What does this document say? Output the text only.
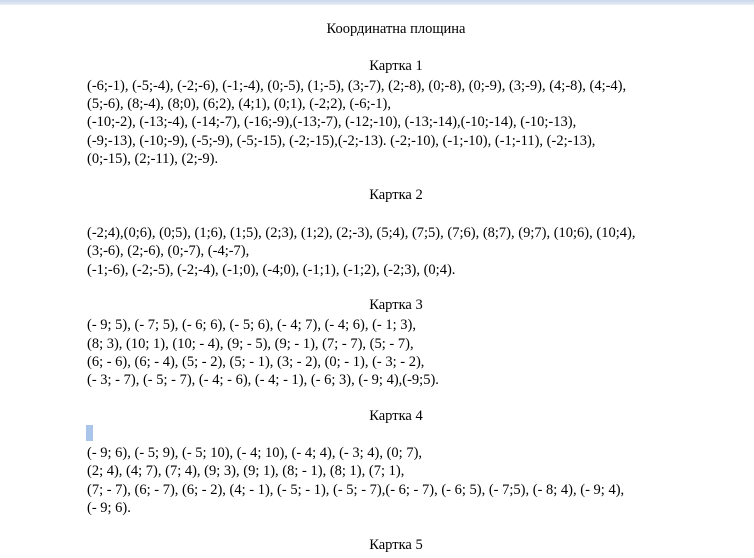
Координатна площина
Картка 1
(-6;-1), (-5;-4), (-2;-6), (-1;-4), (0;-5), (1;-5), (3;-7), (2;-8), (0;-8), (0;-9), (3;-9), (4;-8), (4;-4),
(5;-6), (8;-4), (8;0), (6;2), (4;1), (0;1), (-2;2), (-6;-1),
(-10;-2), (-13;-4), (-14;-7), (-16;-9),(-13;-7), (-12;-10), (-13;-14),(-10;-14), (-10;-13),
(-9;-13), (-10;-9), (-5;-9), (-5;-15), (-2;-15),(-2;-13). (-2;-10), (-1;-10), (-1;-11), (-2;-13),
(0;-15), (2;-11), (2;-9).
Картка 2
(-2;4),(0;6), (0;5), (1;6), (1;5), (2;3), (1;2), (2;-3), (5;4), (7;5), (7;6), (8;7), (9;7), (10;6), (10;4),
(3;-6), (2;-6), (0;-7), (-4;-7),
(-1;-6), (-2;-5), (-2;-4), (-1;0), (-4;0), (-1;1), (-1;2), (-2;3), (0;4).
Картка 3
(- 9; 5), (- 7; 5), (- 6; 6), (- 5; 6), (- 4; 7), (- 4; 6), (- 1; 3),
(8; 3), (10; 1), (10; - 4), (9; - 5), (9; - 1), (7; - 7), (5; - 7),
(6; - 6), (6; - 4), (5; - 2), (5; - 1), (3; - 2), (0; - 1), (- 3; - 2),
(- 3; - 7), (- 5; - 7), (- 4; - 6), (- 4; - 1), (- 6; 3), (- 9; 4),(-9;5).
Картка 4
(- 9; 6), (- 5; 9), (- 5; 10), (- 4; 10), (- 4; 4), (- 3; 4), (0; 7),
(2; 4), (4; 7), (7; 4), (9; 3), (9; 1), (8; - 1), (8; 1), (7; 1),
(7; - 7), (6; - 7), (6; - 2), (4; - 1), (- 5; - 1), (- 5; - 7),(- 6; - 7), (- 6; 5), (- 7;5), (- 8; 4), (- 9; 4),
(- 9; 6).
Картка 5
